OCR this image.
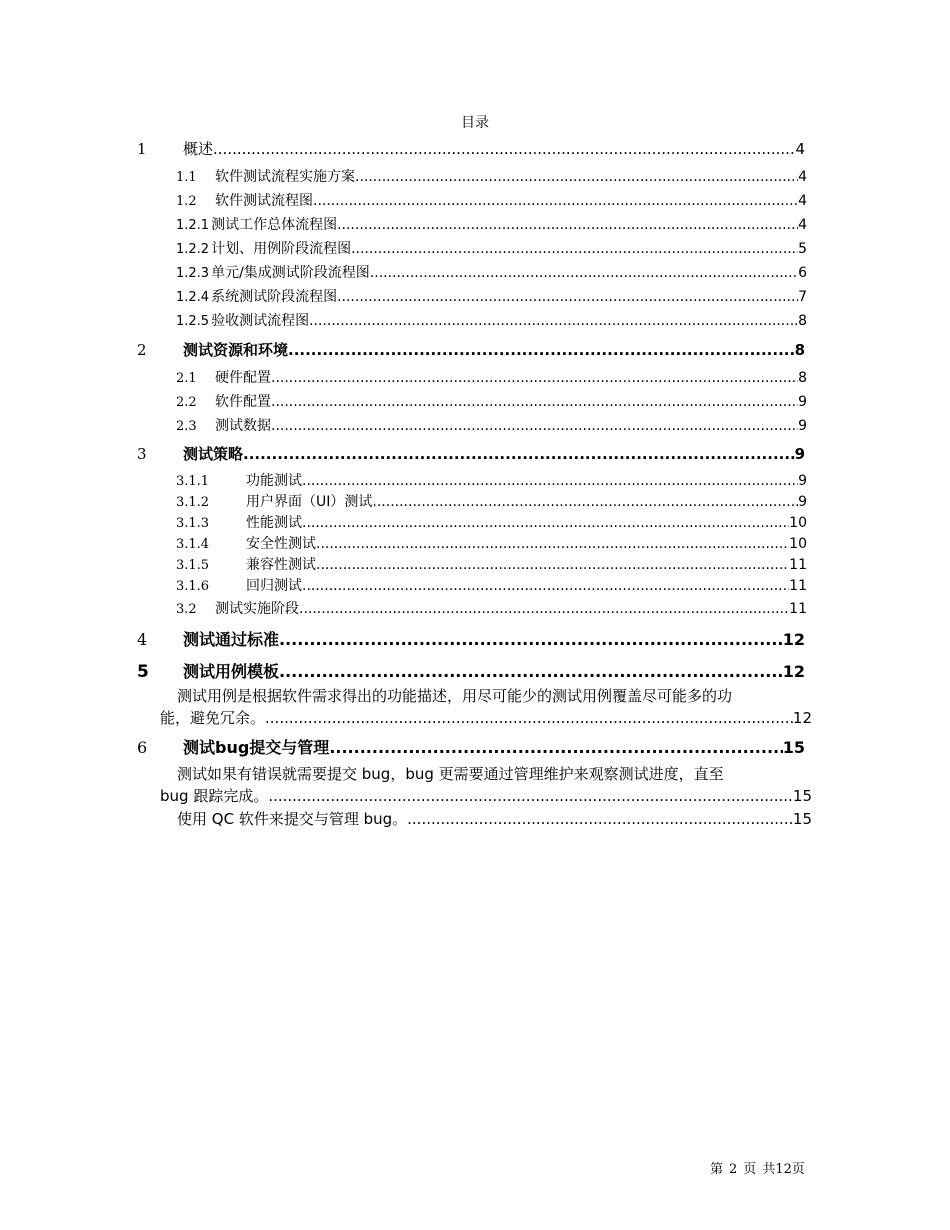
目录
1	概述 .....	4
1.1	软件测试流程实施方案 .....	4
1.2	软件测试流程图 .....	4
1.2.1 测试工作总体流程图 .....	4
1.2.2 计划、用例阶段流程图 .....	5
1.2.3 单元/集成测试阶段流程图 .....	6
1.2.4 系统测试阶段流程图 .....	7
1.2.5 验收测试流程图 .....	8
2	测试资源和环境 .....	8
2.1	硬件配置 .....	8
2.2	软件配置 .....	9
2.3	测试数据 .....	9
3	测试策略 .....	9
3.1.1	功能测试 .....	9
3.1.2	用户界面（UI）测试 .....	9
3.1.3	性能测试 .....	10
3.1.4	安全性测试 .....	10
3.1.5	兼容性测试 .....	11
3.1.6	回归测试 .....	11
3.2	测试实施阶段 .....	11
4	测试通过标准 .....	12
5	测试用例模板 .....	12
测试用例是根据软件需求得出的功能描述，用尽可能少的测试用例覆盖尽可能多的功
能，避免冗余。 .....	12
6	测试bug提交与管理 .....	15
测试如果有错误就需要提交 bug，bug 更需要通过管理维护来观察测试进度，直至
bug 跟踪完成。 .....	15
使用 QC 软件来提交与管理 bug。 .....	15
第 2 页 共12页
